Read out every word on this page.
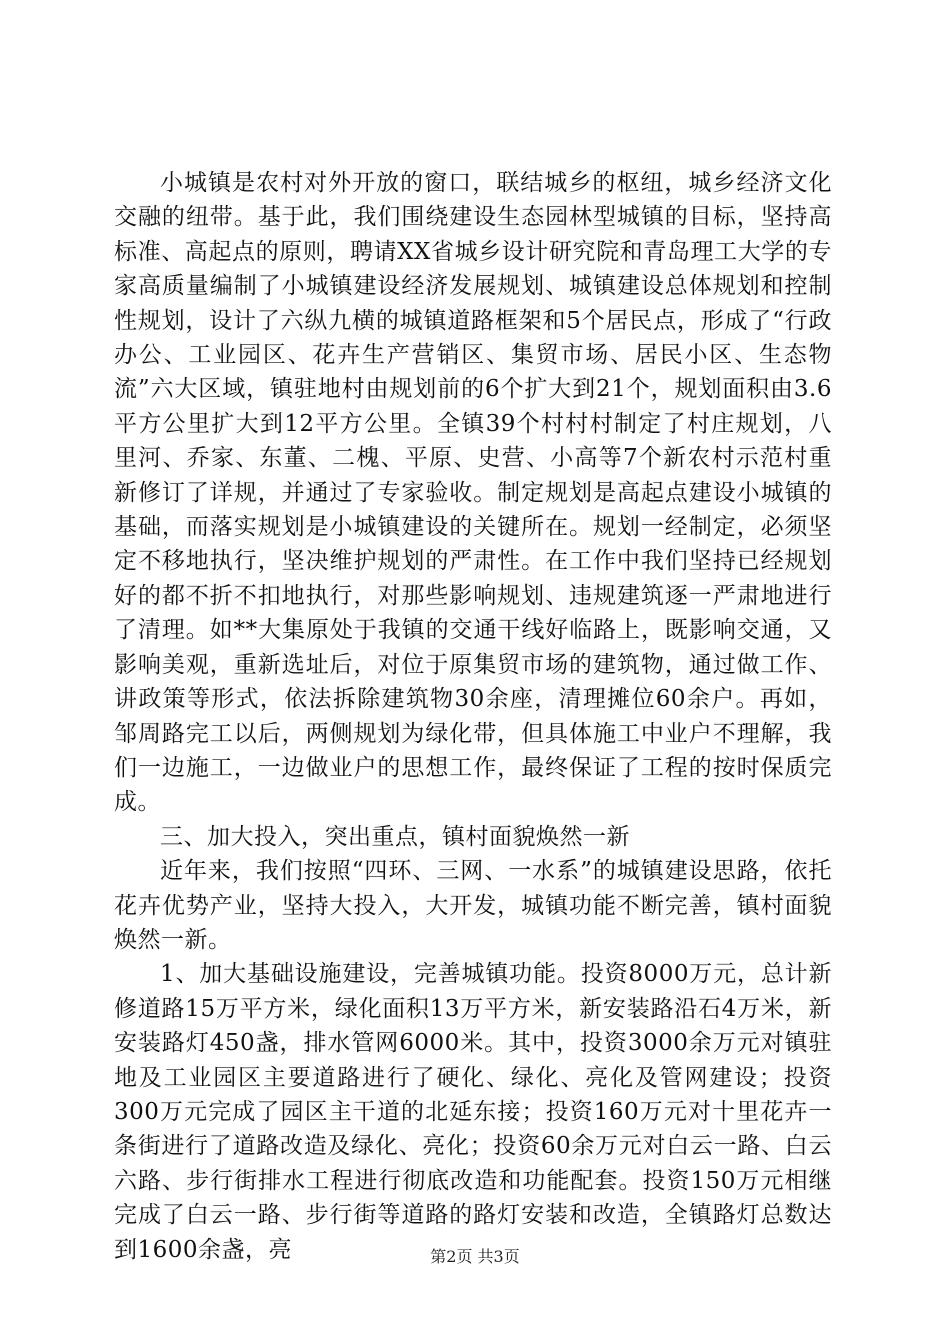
小城镇是农村对外开放的窗口，联结城乡的枢纽，城乡经济文化交融的纽带。基于此，我们围绕建设生态园林型城镇的目标，坚持高标准、高起点的原则，聘请XX省城乡设计研究院和青岛理工大学的专家高质量编制了小城镇建设经济发展规划、城镇建设总体规划和控制性规划，设计了六纵九横的城镇道路框架和5个居民点，形成了“行政办公、工业园区、花卉生产营销区、集贸市场、居民小区、生态物流”六大区域，镇驻地村由规划前的6个扩大到21个，规划面积由3.6平方公里扩大到12平方公里。全镇39个村村村制定了村庄规划，八里河、乔家、东董、二槐、平原、史营、小高等7个新农村示范村重新修订了详规，并通过了专家验收。制定规划是高起点建设小城镇的基础，而落实规划是小城镇建设的关键所在。规划一经制定，必须坚定不移地执行，坚决维护规划的严肃性。在工作中我们坚持已经规划好的都不折不扣地执行，对那些影响规划、违规建筑逐一严肃地进行了清理。如**大集原处于我镇的交通干线好临路上，既影响交通，又影响美观，重新选址后，对位于原集贸市场的建筑物，通过做工作、讲政策等形式，依法拆除建筑物30余座，清理摊位60余户。再如，邹周路完工以后，两侧规划为绿化带，但具体施工中业户不理解，我们一边施工，一边做业户的思想工作，最终保证了工程的按时保质完成。

三、加大投入，突出重点，镇村面貌焕然一新

近年来，我们按照“四环、三网、一水系”的城镇建设思路，依托花卉优势产业，坚持大投入，大开发，城镇功能不断完善，镇村面貌焕然一新。

1、加大基础设施建设，完善城镇功能。投资8000万元，总计新修道路15万平方米，绿化面积13万平方米，新安装路沿石4万米，新安装路灯450盏，排水管网6000米。其中，投资3000余万元对镇驻地及工业园区主要道路进行了硬化、绿化、亮化及管网建设；投资300万元完成了园区主干道的北延东接；投资160万元对十里花卉一条街进行了道路改造及绿化、亮化；投资60余万元对白云一路、白云六路、步行街排水工程进行彻底改造和功能配套。投资150万元相继完成了白云一路、步行街等道路的路灯安装和改造，全镇路灯总数达到1600余盏，亮	第2页 共3页
